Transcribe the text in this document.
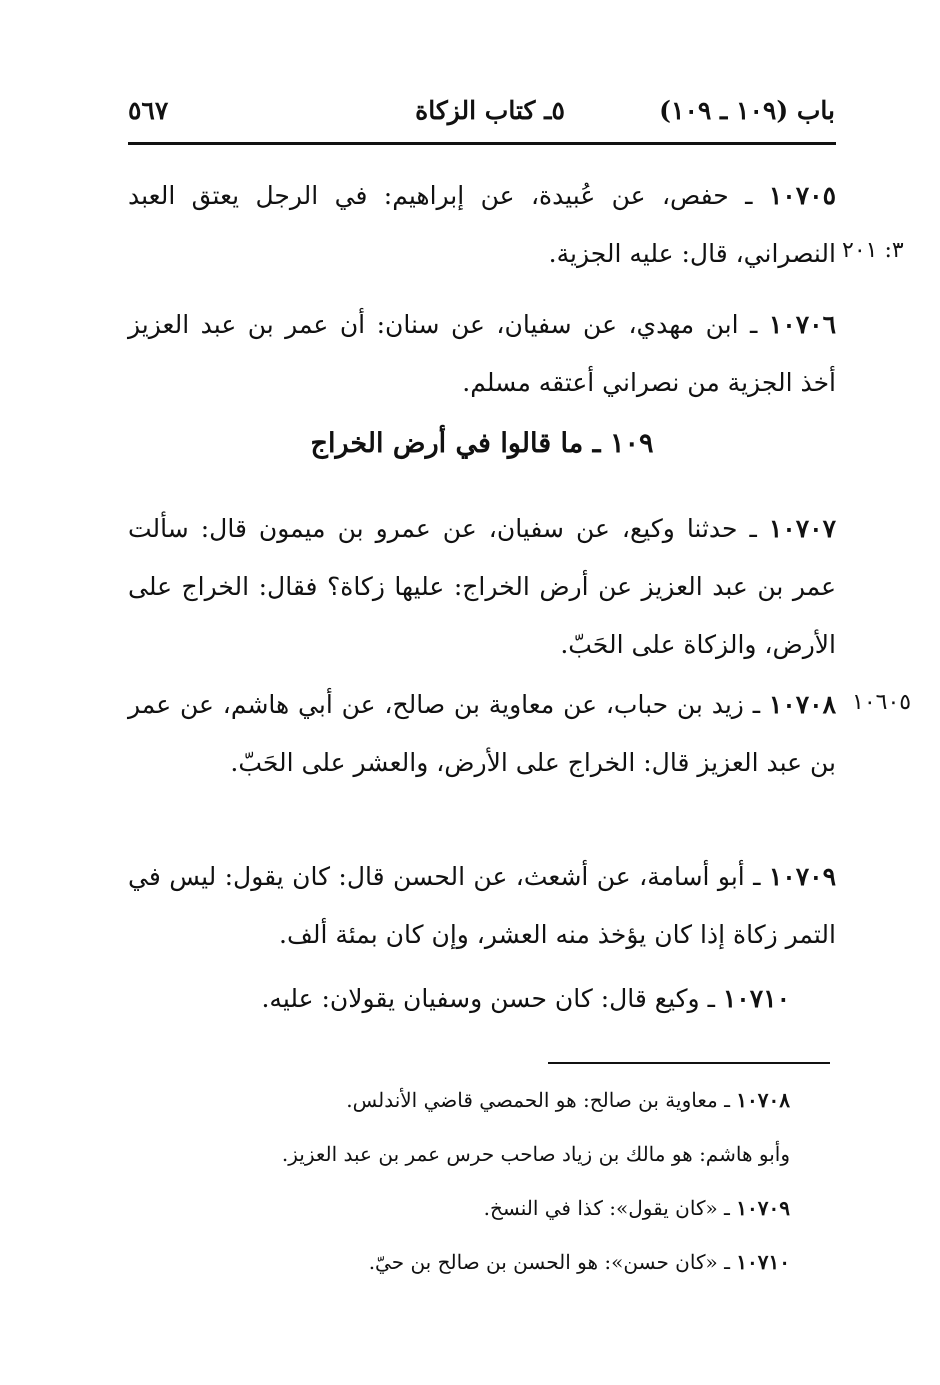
٥٦٧	٥ـ كتاب الزكاة	باب (١٠٩ ـ ١٠٩)
١٠٧٠٥ ـ حفص، عن عُبيدة، عن إبراهيم: في الرجل يعتق العبد النصراني، قال: عليه الجزية. ٣: ٢٠١
١٠٧٠٦ ـ ابن مهدي، عن سفيان، عن سنان: أن عمر بن عبد العزيز أخذ الجزية من نصراني أعتقه مسلم.
١٠٩ ـ ما قالوا في أرض الخراج
١٠٧٠٧ ـ حدثنا وكيع، عن سفيان، عن عمرو بن ميمون قال: سألت عمر بن عبد العزيز عن أرض الخراج: عليها زكاة؟ فقال: الخراج على الأرض، والزكاة على الحَبّ.
١٠٧٠٨ ـ زيد بن حباب، عن معاوية بن صالح، عن أبي هاشم، عن عمر بن عبد العزيز قال: الخراج على الأرض، والعشر على الحَبّ.
١٠٦٠٥
١٠٧٠٩ ـ أبو أسامة، عن أشعث، عن الحسن قال: كان يقول: ليس في التمر زكاة إذا كان يؤخذ منه العشر، وإن كان بمئة ألف.
١٠٧١٠ ـ وكيع قال: كان حسن وسفيان يقولان: عليه.
١٠٧٠٨ ـ معاوية بن صالح: هو الحمصي قاضي الأندلس.
وأبو هاشم: هو مالك بن زياد صاحب حرس عمر بن عبد العزيز.
١٠٧٠٩ ـ «كان يقول»: كذا في النسخ.
١٠٧١٠ ـ «كان حسن»: هو الحسن بن صالح بن حيّ.
